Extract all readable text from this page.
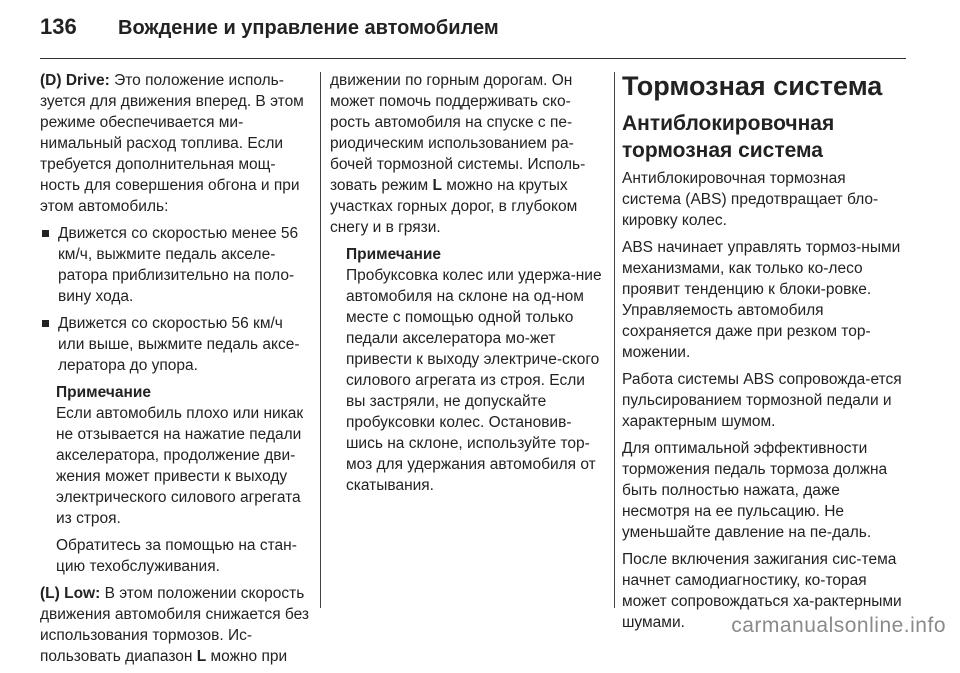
136	Вождение и управление автомобилем

(D) Drive: Это положение исполь-зуется для движения вперед. В этом режиме обеспечивается ми-нимальный расход топлива. Если требуется дополнительная мощ-ность для совершения обгона и при этом автомобиль:

Движется со скоростью менее 56 км/ч, выжмите педаль акселе-ратора приблизительно на поло-вину хода.
Движется со скоростью 56 км/ч или выше, выжмите педаль аксе-лератора до упора.

Примечание
Если автомобиль плохо или никак не отзывается на нажатие педали акселератора, продолжение дви-жения может привести к выходу электрического силового агрегата из строя.

Обратитесь за помощью на стан-цию техобслуживания.

(L) Low: В этом положении скорость движения автомобиля снижается без использования тормозов. Ис-пользовать диапазон L можно при

движении по горным дорогам. Он может помочь поддерживать ско-рость автомобиля на спуске с пе-риодическим использованием ра-бочей тормозной системы. Исполь-зовать режим L можно на крутых участках горных дорог, в глубоком снегу и в грязи.

Примечание
Пробуксовка колес или удержа-ние автомобиля на склоне на од-ном месте с помощью одной только педали акселератора мо-жет привести к выходу электриче-ского силового агрегата из строя. Если вы застряли, не допускайте пробуксовки колес. Остановив-шись на склоне, используйте тор-моз для удержания автомобиля от скатывания.

Тормозная система
Антиблокировочная тормозная система

Антиблокировочная тормозная система (ABS) предотвращает бло-кировку колес.

ABS начинает управлять тормоз-ными механизмами, как только ко-лесо проявит тенденцию к блоки-ровке. Управляемость автомобиля сохраняется даже при резком тор-можении.

Работа системы ABS сопровожда-ется пульсированием тормозной педали и характерным шумом.

Для оптимальной эффективности торможения педаль тормоза должна быть полностью нажата, даже несмотря на ее пульсацию. Не уменьшайте давление на пе-даль.

После включения зажигания сис-тема начнет самодиагностику, ко-торая может сопровождаться ха-рактерными шумами.	carmanualsonline.info
